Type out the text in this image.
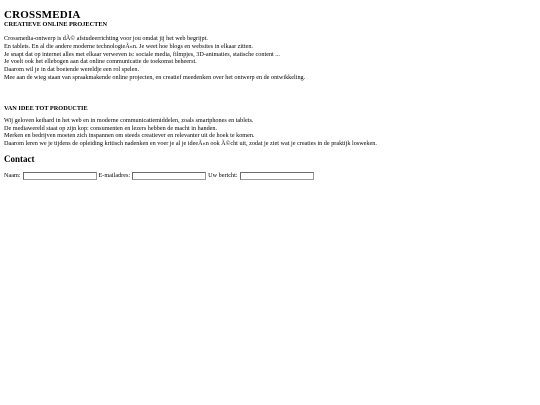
CROSSMEDIA
CREATIEVE ONLINE PROJECTEN
Crossmedia-ontwerp is dÃ© afstudeerrichting voor jou omdat jij het web begrijpt.
En tablets. En al die andere moderne technologieÃ«n. Je weet hoe blogs en websites in elkaar zitten.
Je snapt dat op internet alles met elkaar verweven is: sociale media, filmpjes, 3D-animaties, statische content ...
Je voelt ook het ellebogen aan dat online communicatie de toekomst beheerst.
Daarom wil je in dat boeiende wereldje een rol spelen.
Mee aan de wieg staan van spraakmakende online projecten, en creatief meedenken over het ontwerp en de ontwikkeling.
VAN IDEE TOT PRODUCTIE
Wij geloven keihard in het web en in moderne communicatiemiddelen, zoals smartphones en tablets.
De mediawereld staat op zijn kop: consumenten en lezers hebben de macht in handen.
Merken en bedrijven moeten zich inspannen om steeds creatiever en relevanter uit de hoek te komen.
Daarom leren we je tijdens de opleiding kritisch nadenken en voer je al je ideeÃ«n ook Ã©cht uit, zodat je ziet wat je creaties in de praktijk losweken.
Contact
Naam:	E-mailadres:	Uw bericht:
